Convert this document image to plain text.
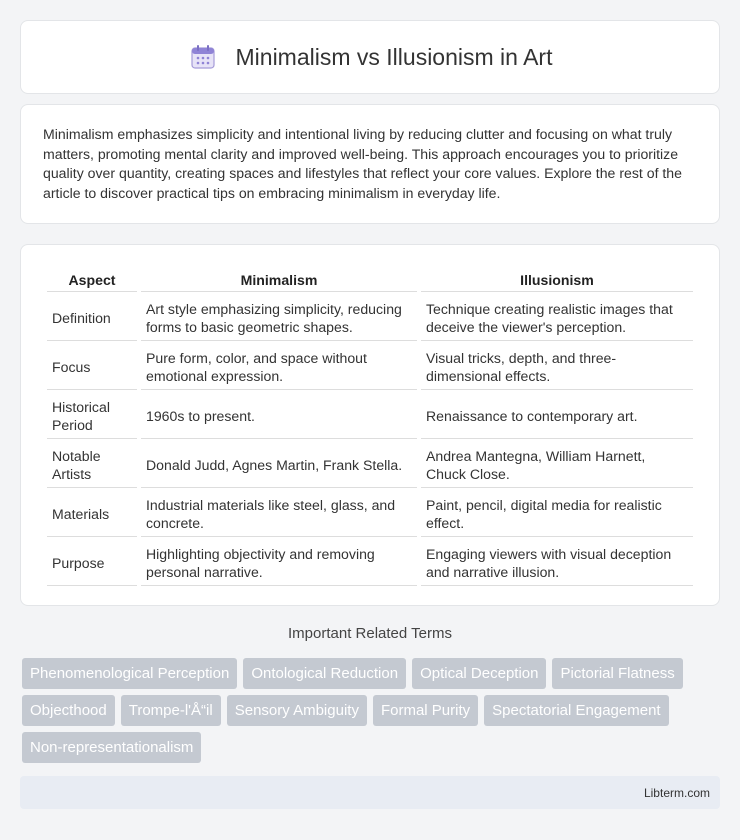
Minimalism vs Illusionism in Art

Minimalism emphasizes simplicity and intentional living by reducing clutter and focusing on what truly matters, promoting mental clarity and improved well-being. This approach encourages you to prioritize quality over quantity, creating spaces and lifestyles that reflect your core values. Explore the rest of the article to discover practical tips on embracing minimalism in everyday life.

Aspect	Minimalism	Illusionism
Definition	Art style emphasizing simplicity, reducing forms to basic geometric shapes.	Technique creating realistic images that deceive the viewer's perception.
Focus	Pure form, color, and space without emotional expression.	Visual tricks, depth, and three-dimensional effects.
Historical Period	1960s to present.	Renaissance to contemporary art.
Notable Artists	Donald Judd, Agnes Martin, Frank Stella.	Andrea Mantegna, William Harnett, Chuck Close.
Materials	Industrial materials like steel, glass, and concrete.	Paint, pencil, digital media for realistic effect.
Purpose	Highlighting objectivity and removing personal narrative.	Engaging viewers with visual deception and narrative illusion.
Important Related Terms
Phenomenological Perception	Ontological Reduction	Optical Deception	Pictorial Flatness
Objecthood	Trompe-l'Å“il	Sensory Ambiguity	Formal Purity	Spectatorial Engagement
Non-representationalism
Libterm.com
